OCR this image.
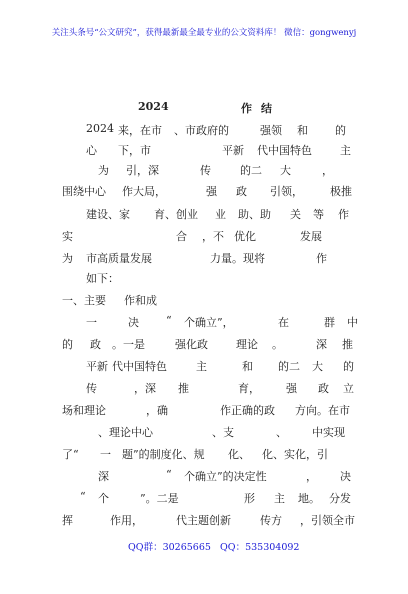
关注头条号“公文研究”，获得最新最全最专业的公文资料库！ 微信：gongwenyj
2024	作 结

2024

来，在市

、市政府的

	强领

和

的

心

下，市

	平新

代中国特色

	主

为

引，深

	传

	的二

大

	，

围绕中心

作大局，

	强

政

引领，

极推

建设、家

育、创业

业

助、助

关

等

作

实

	合

，不

优化

	发展

为

市高质量发展

	力量。现将

	作

如下：

一、主要

作和成

一

	决

“

个确立”，

	在

	群

中

的

政

。一是

	强化政

	理论

。

	深

推

平新

代中国特色

	主

	和

的二

大

的

传

	，深

推

	育，

强

政

立

场和理论

	，确

	作正确的政

方向。在市

、理论中心

	、支

	、

中实现

了“

一

题”的制度化、规

化、

化、实化，引

深

	“

个确立”的决定性

	，

决

“

个

	”。二是

	形

主

地。

分发

挥

	作用，

	代主题创新

	传方

，引领全市

QQ群：30265665 QQ：535304092
